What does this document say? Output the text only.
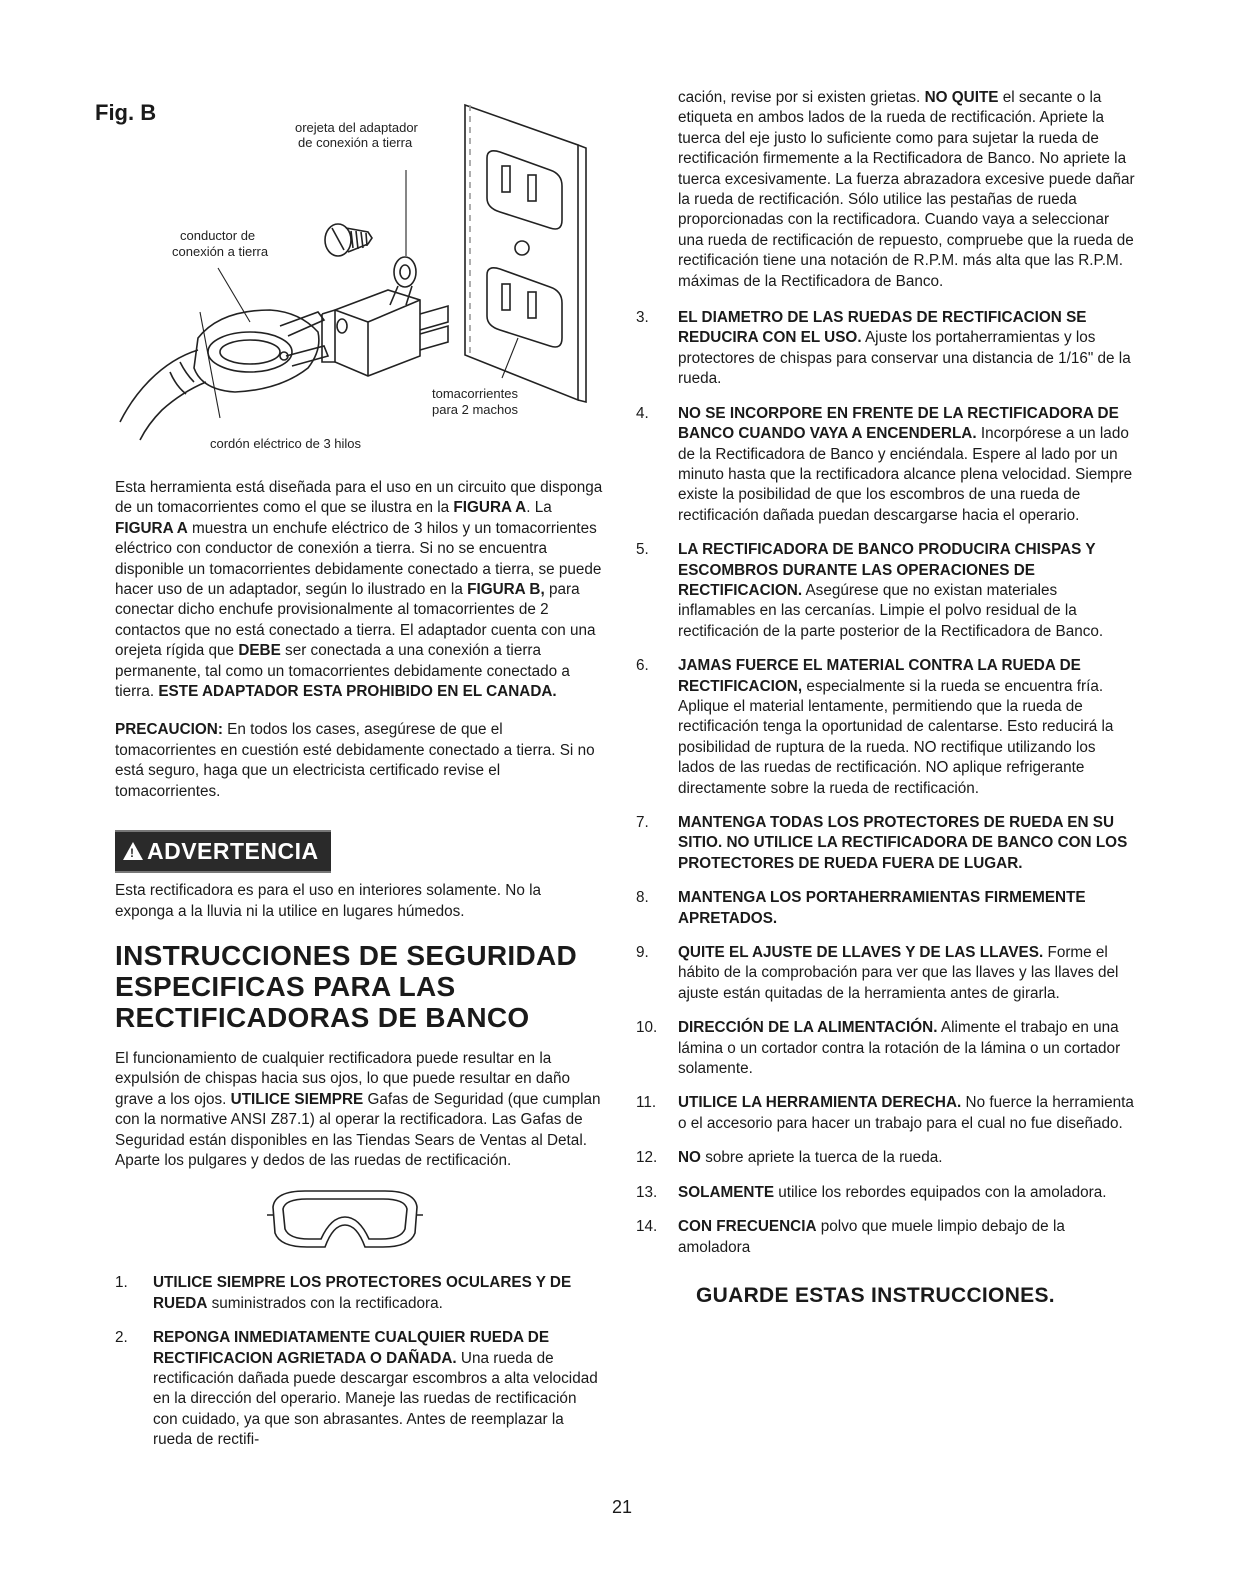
Fig. B
orejeta del adaptador
de conexión a tierra
conductor de
conexión a tierra
tomacorrientes
para 2 machos
cordón eléctrico de 3 hilos

Esta herramienta está diseñada para el uso en un circuito que disponga de un tomacorrientes como el que se ilustra en la FIGURA A. La FIGURA A muestra un enchufe eléctrico de 3 hilos y un tomacorrientes eléctrico con conductor de conexión a tierra. Si no se encuentra disponible un tomacorrientes debidamente conectado a tierra, se puede hacer uso de un adaptador, según lo ilustrado en la FIGURA B, para conectar dicho enchufe provisionalmente al tomacorrientes de 2 contactos que no está conectado a tierra. El adaptador cuenta con una orejeta rígida que DEBE ser conectada a una conexión a tierra permanente, tal como un tomacorrientes debidamente conectado a tierra. ESTE ADAPTADOR ESTA PROHIBIDO EN EL CANADA.

PRECAUCION: En todos los cases, asegúrese de que el tomacorrientes en cuestión esté debidamente conectado a tierra. Si no está seguro, haga que un electricista certificado revise el tomacorrientes.

! ADVERTENCIA

Esta rectificadora es para el uso en interiores solamente. No la exponga a la lluvia ni la utilice en lugares húmedos.

INSTRUCCIONES DE SEGURIDAD
ESPECIFICAS PARA LAS
RECTIFICADORAS DE BANCO

El funcionamiento de cualquier rectificadora puede resultar en la expulsión de chispas hacia sus ojos, lo que puede resultar en daño grave a los ojos. UTILICE SIEMPRE Gafas de Seguridad (que cumplan con la normative ANSI Z87.1) al operar la rectificadora. Las Gafas de Seguridad están disponibles en las Tiendas Sears de Ventas al Detal. Aparte los pulgares y dedos de las ruedas de rectificación.

1. UTILICE SIEMPRE LOS PROTECTORES OCULARES Y DE RUEDA suministrados con la rectificadora.
2. REPONGA INMEDIATAMENTE CUALQUIER RUEDA DE RECTIFICACION AGRIETADA O DAÑADA. Una rueda de rectificación dañada puede descargar escombros a alta velocidad en la dirección del operario. Maneje las ruedas de rectificación con cuidado, ya que son abrasantes. Antes de reemplazar la rueda de rectifi-

cación, revise por si existen grietas. NO QUITE el secante o la etiqueta en ambos lados de la rueda de rectificación. Apriete la tuerca del eje justo lo suficiente como para sujetar la rueda de rectificación firmemente a la Rectificadora de Banco. No apriete la tuerca excesivamente. La fuerza abrazadora excesive puede dañar la rueda de rectificación. Sólo utilice las pestañas de rueda proporcionadas con la rectificadora. Cuando vaya a seleccionar una rueda de rectificación de repuesto, compruebe que la rueda de rectificación tiene una notación de R.P.M. más alta que las R.P.M. máximas de la Rectificadora de Banco.

3. EL DIAMETRO DE LAS RUEDAS DE RECTIFICACION SE REDUCIRA CON EL USO. Ajuste los portaherramientas y los protectores de chispas para conservar una distancia de 1/16" de la rueda.
4. NO SE INCORPORE EN FRENTE DE LA RECTIFICADORA DE BANCO CUANDO VAYA A ENCENDERLA. Incorpórese a un lado de la Rectificadora de Banco y enciéndala. Espere al lado por un minuto hasta que la rectificadora alcance plena velocidad. Siempre existe la posibilidad de que los escombros de una rueda de rectificación dañada puedan descargarse hacia el operario.
5. LA RECTIFICADORA DE BANCO PRODUCIRA CHISPAS Y ESCOMBROS DURANTE LAS OPERACIONES DE RECTIFICACION. Asegúrese que no existan materiales inflamables en las cercanías. Limpie el polvo residual de la rectificación de la parte posterior de la Rectificadora de Banco.
6. JAMAS FUERCE EL MATERIAL CONTRA LA RUEDA DE RECTIFICACION, especialmente si la rueda se encuentra fría. Aplique el material lentamente, permitiendo que la rueda de rectificación tenga la oportunidad de calentarse. Esto reducirá la posibilidad de ruptura de la rueda. NO rectifique utilizando los lados de las ruedas de rectificación. NO aplique refrigerante directamente sobre la rueda de rectificación.
7. MANTENGA TODAS LOS PROTECTORES DE RUEDA EN SU SITIO. NO UTILICE LA RECTIFICADORA DE BANCO CON LOS PROTECTORES DE RUEDA FUERA DE LUGAR.
8. MANTENGA LOS PORTAHERRAMIENTAS FIRMEMENTE APRETADOS.
9. QUITE EL AJUSTE DE LLAVES Y DE LAS LLAVES. Forme el hábito de la comprobación para ver que las llaves y las llaves del ajuste están quitadas de la herramienta antes de girarla.
10. DIRECCIÓN DE LA ALIMENTACIÓN. Alimente el trabajo en una lámina o un cortador contra la rotación de la lámina o un cortador solamente.
11. UTILICE LA HERRAMIENTA DERECHA. No fuerce la herramienta o el accesorio para hacer un trabajo para el cual no fue diseñado.
12. NO sobre apriete la tuerca de la rueda.
13. SOLAMENTE utilice los rebordes equipados con la amoladora.
14. CON FRECUENCIA polvo que muele limpio debajo de la amoladora
GUARDE ESTAS INSTRUCCIONES.
21
